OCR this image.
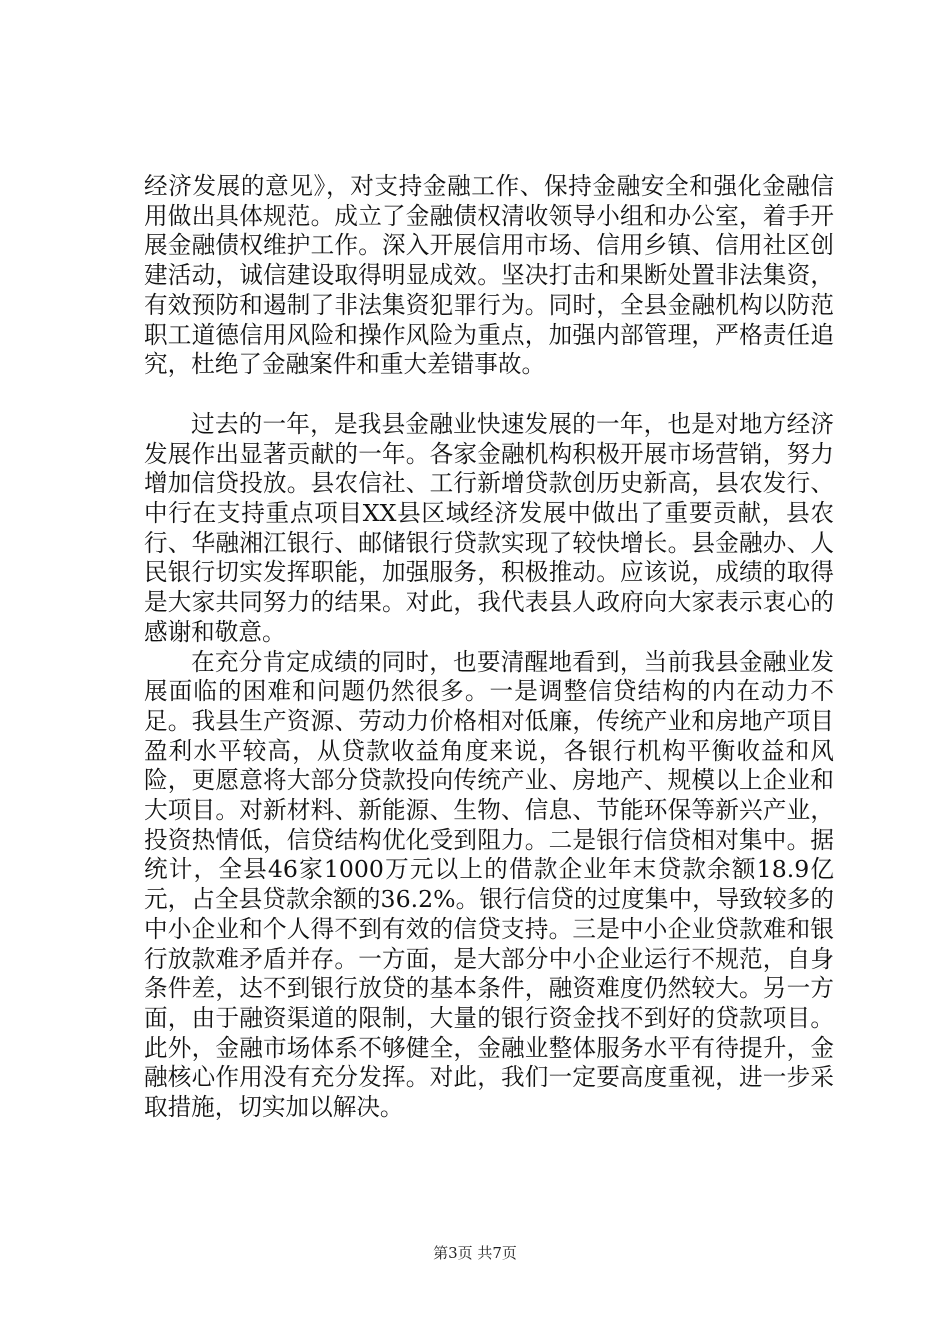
经济发展的意见》，对支持金融工作、保持金融安全和强化金融信用做出具体规范。成立了金融债权清收领导小组和办公室，着手开展金融债权维护工作。深入开展信用市场、信用乡镇、信用社区创建活动，诚信建设取得明显成效。坚决打击和果断处置非法集资，有效预防和遏制了非法集资犯罪行为。同时，全县金融机构以防范职工道德信用风险和操作风险为重点，加强内部管理，严格责任追究，杜绝了金融案件和重大差错事故。

过去的一年，是我县金融业快速发展的一年，也是对地方经济发展作出显著贡献的一年。各家金融机构积极开展市场营销，努力增加信贷投放。县农信社、工行新增贷款创历史新高，县农发行、中行在支持重点项目XX县区域经济发展中做出了重要贡献，县农行、华融湘江银行、邮储银行贷款实现了较快增长。县金融办、人民银行切实发挥职能，加强服务，积极推动。应该说，成绩的取得是大家共同努力的结果。对此，我代表县人政府向大家表示衷心的感谢和敬意。

在充分肯定成绩的同时，也要清醒地看到，当前我县金融业发展面临的困难和问题仍然很多。一是调整信贷结构的内在动力不足。我县生产资源、劳动力价格相对低廉，传统产业和房地产项目盈利水平较高，从贷款收益角度来说，各银行机构平衡收益和风险，更愿意将大部分贷款投向传统产业、房地产、规模以上企业和大项目。对新材料、新能源、生物、信息、节能环保等新兴产业，投资热情低，信贷结构优化受到阻力。二是银行信贷相对集中。据统计，全县46家1000万元以上的借款企业年末贷款余额18.9亿元，占全县贷款余额的36.2%。银行信贷的过度集中，导致较多的中小企业和个人得不到有效的信贷支持。三是中小企业贷款难和银行放款难矛盾并存。一方面，是大部分中小企业运行不规范，自身条件差，达不到银行放贷的基本条件，融资难度仍然较大。另一方面，由于融资渠道的限制，大量的银行资金找不到好的贷款项目。此外，金融市场体系不够健全，金融业整体服务水平有待提升，金融核心作用没有充分发挥。对此，我们一定要高度重视，进一步采取措施，切实加以解决。

第3页 共7页
